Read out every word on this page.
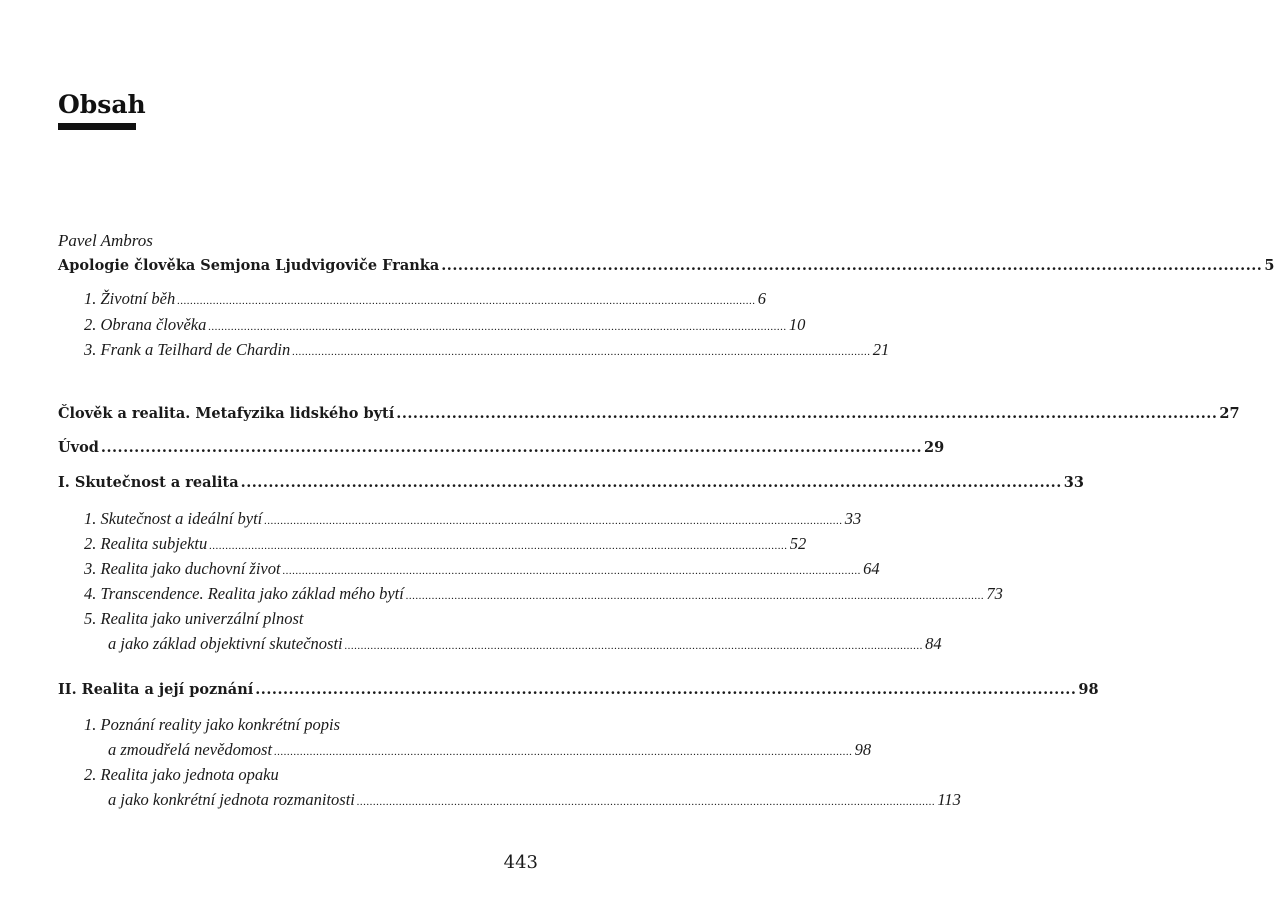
Obsah
Pavel Ambros
Apologie člověka Semjona Ljudvigoviče Franka .................................................................................................................................................... 5
1. Životní běh .................................................................................................................................................................................. 6
2. Obrana člověka .................................................................................................................................................................................. 10
3. Frank a Teilhard de Chardin .................................................................................................................................................................................. 21
Člověk a realita. Metafyzika lidského bytí .................................................................................................................................................... 27
Úvod .................................................................................................................................................... 29
I. Skutečnost a realita .................................................................................................................................................... 33
1. Skutečnost a ideální bytí .................................................................................................................................................................................. 33
2. Realita subjektu .................................................................................................................................................................................. 52
3. Realita jako duchovní život .................................................................................................................................................................................. 64
4. Transcendence. Realita jako základ mého bytí .................................................................................................................................................................................. 73
5. Realita jako univerzální plnost
a jako základ objektivní skutečnosti .................................................................................................................................................................................. 84
II. Realita a její poznání .................................................................................................................................................... 98
1. Poznání reality jako konkrétní popis
a zmoudřelá nevědomost .................................................................................................................................................................................. 98
2. Realita jako jednota opaku
a jako konkrétní jednota rozmanitosti .................................................................................................................................................................................. 113
443
